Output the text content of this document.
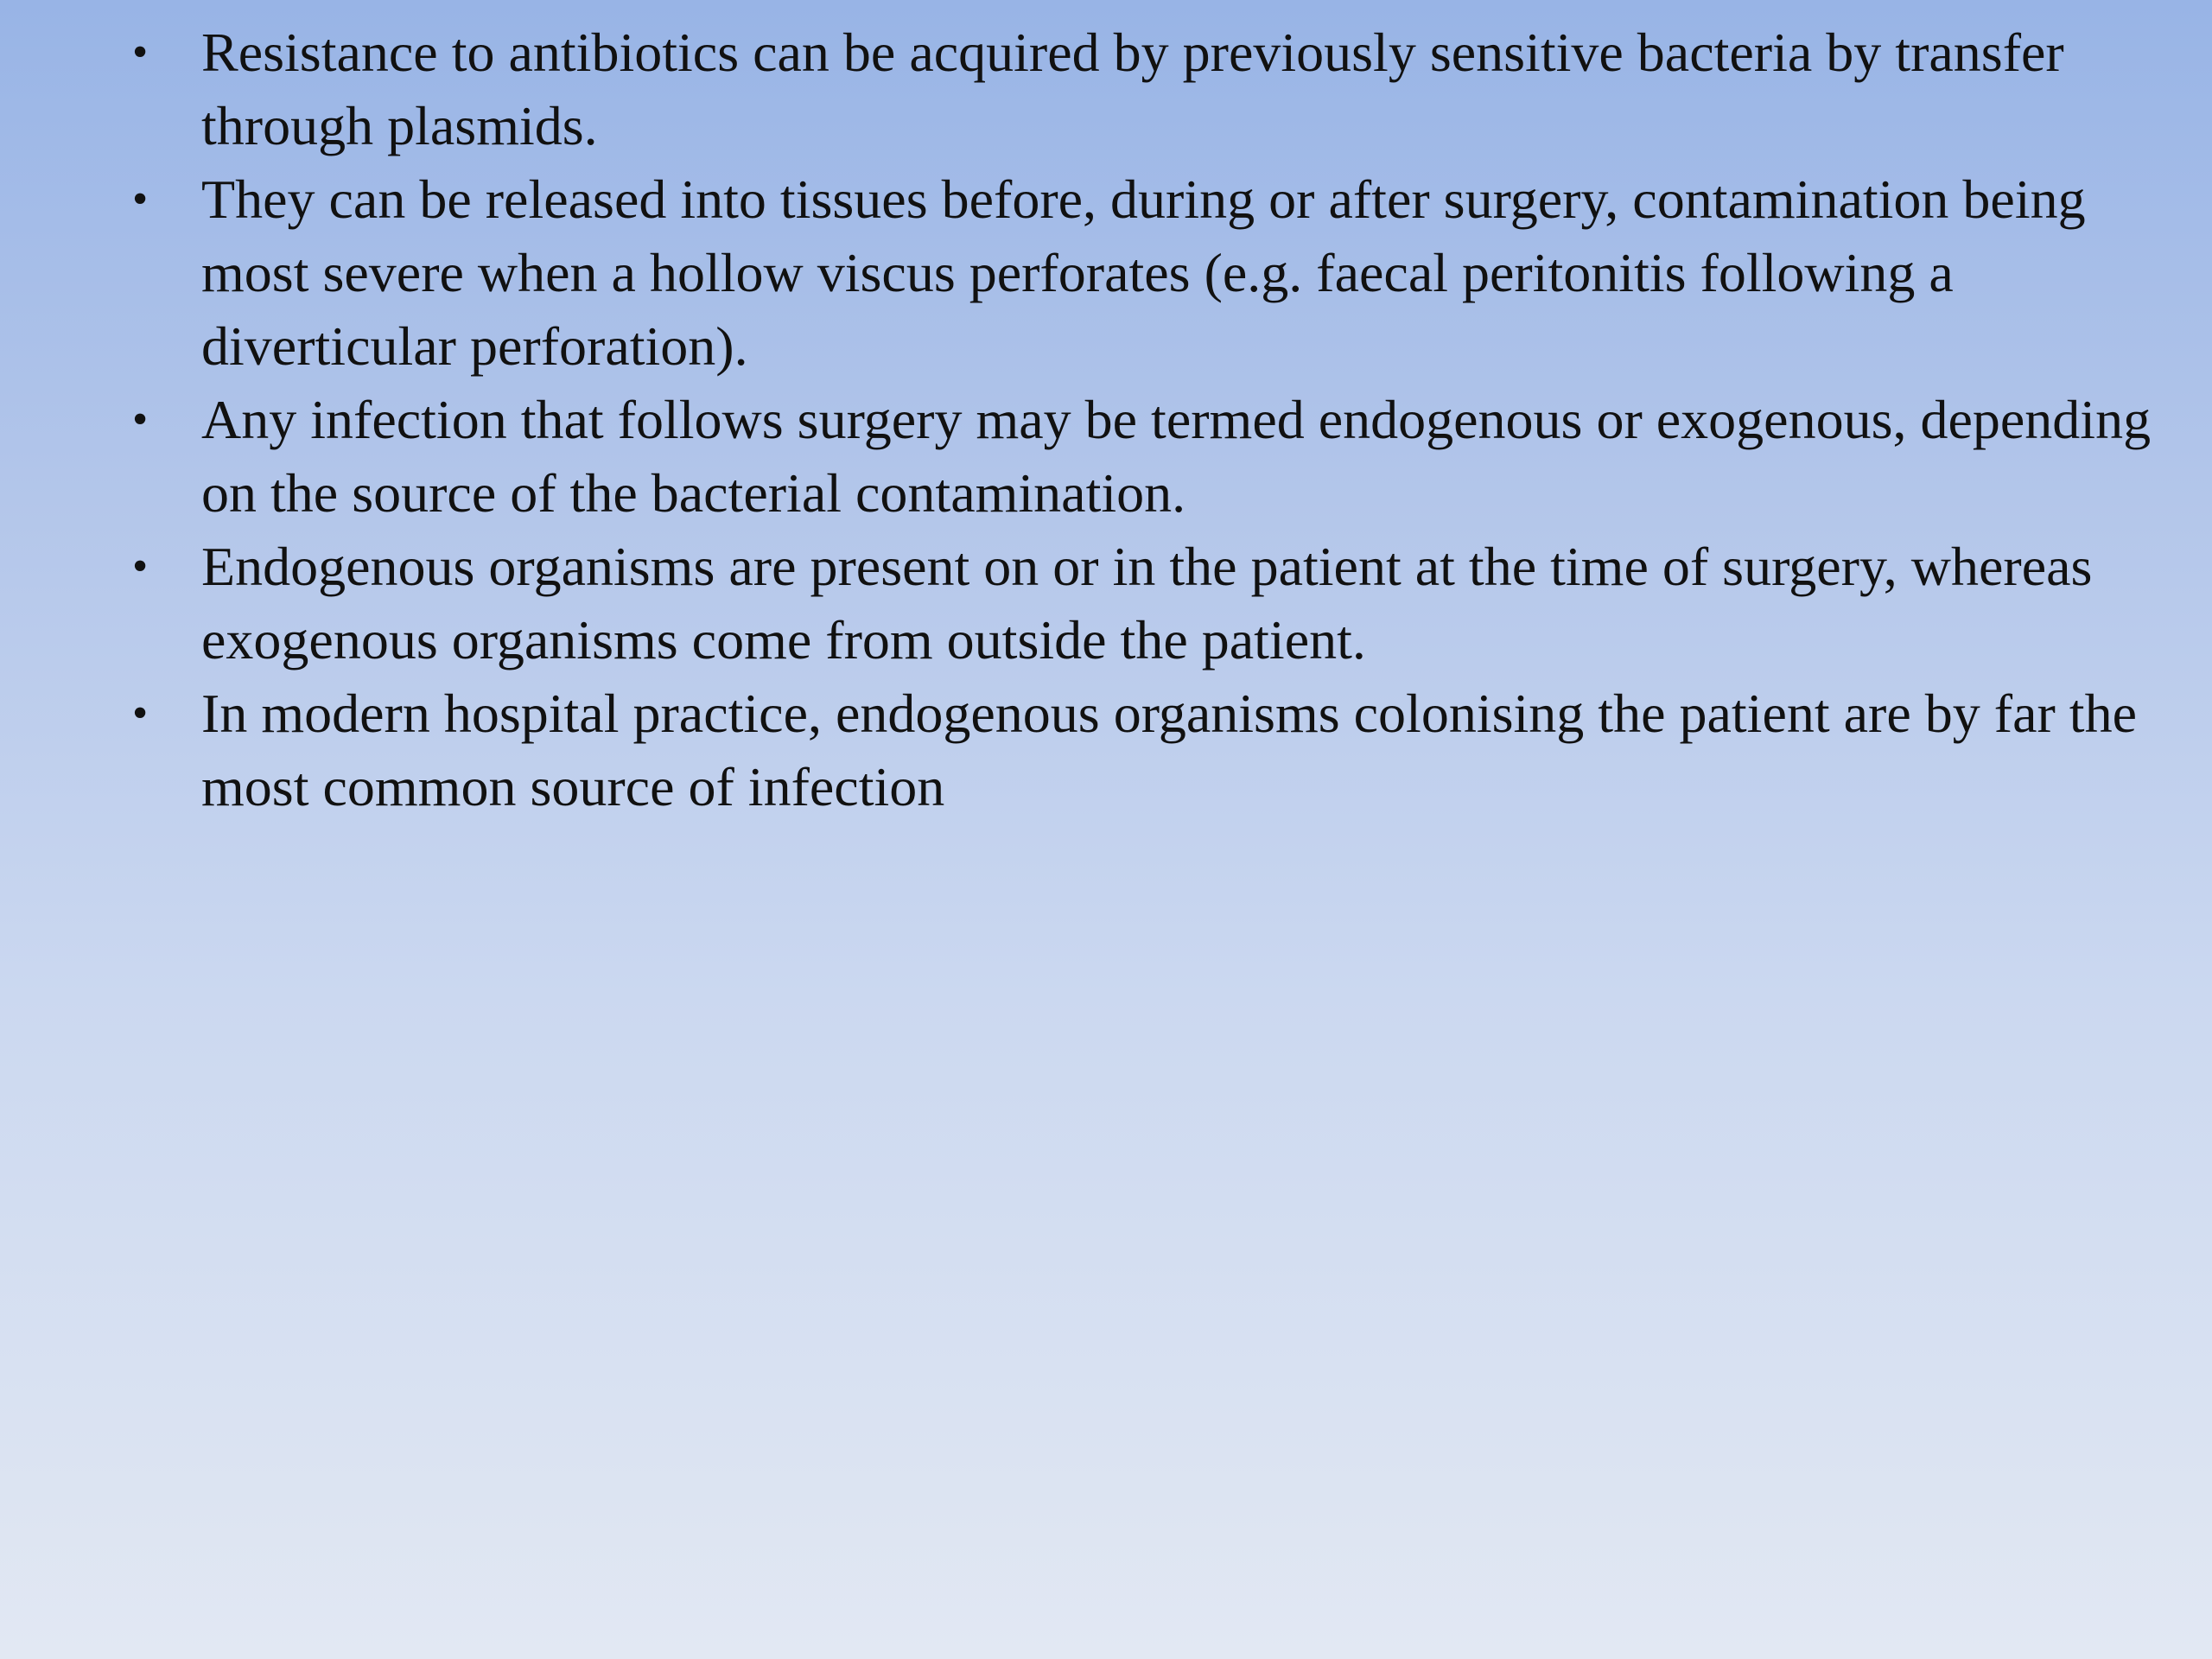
• Resistance to antibiotics can be acquired by previously sensitive bacteria by transfer through plasmids.
• They can be released into tissues before, during or after surgery, contamination being most severe when a hollow viscus perforates (e.g. faecal peritonitis following a diverticular perforation).
• Any infection that follows surgery may be termed endogenous or exogenous, depending on the source of the bacterial contamination.
• Endogenous organisms are present on or in the patient at the time of surgery, whereas exogenous organisms come from outside the patient.
• In modern hospital practice, endogenous organisms colonising the patient are by far the most common source of infection
